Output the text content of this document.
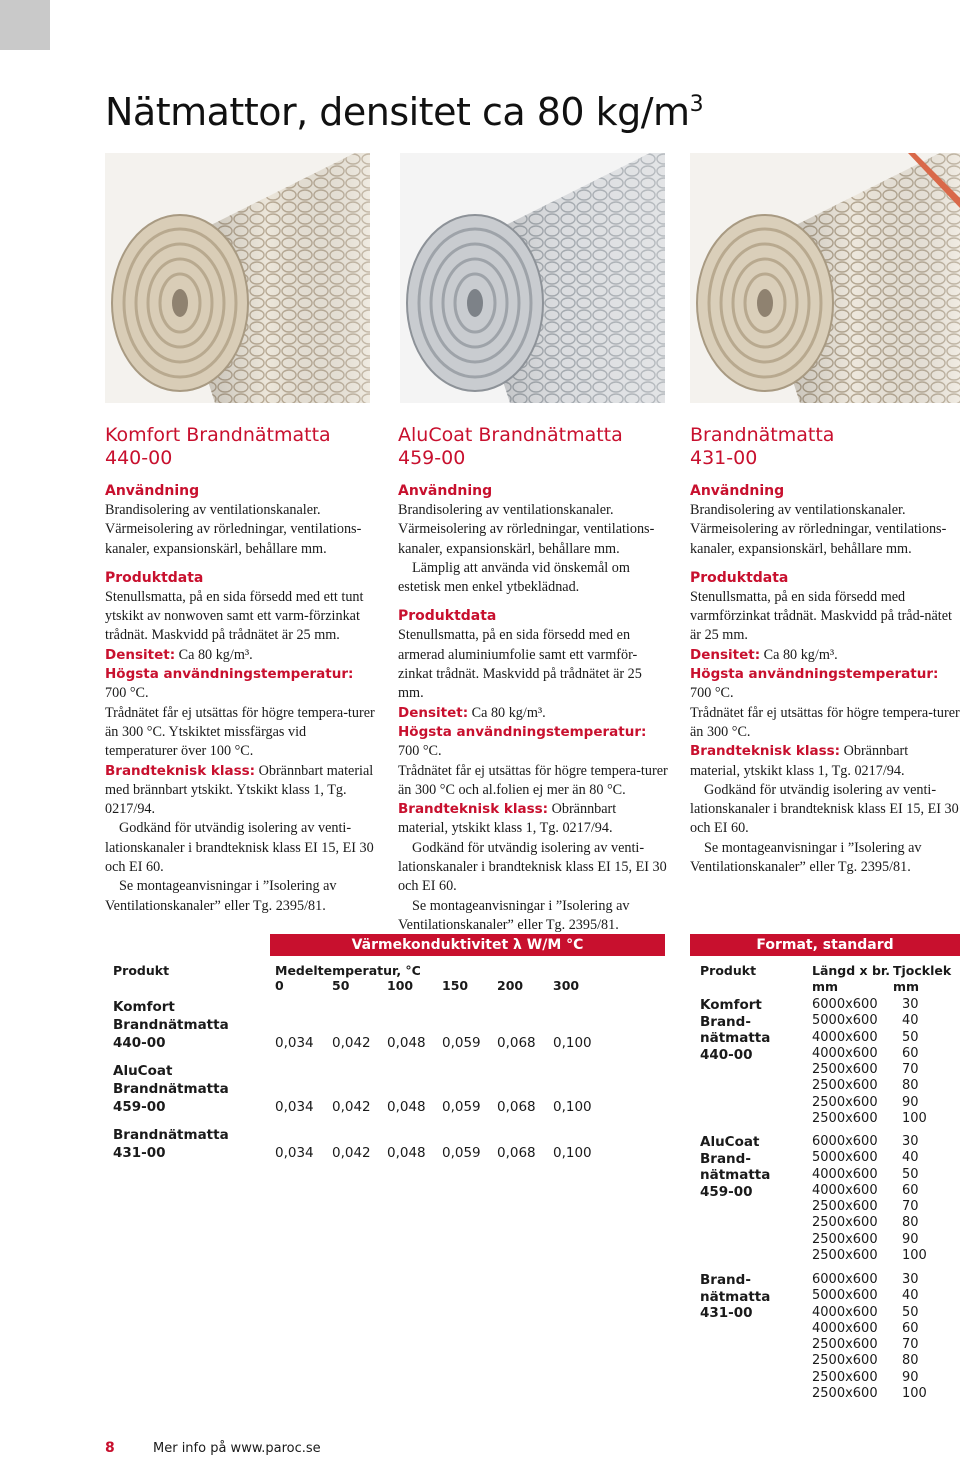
Nätmattor, densitet ca 80 $kg/m^3$
Komfort Brandnätmatta
440-00

Användning

Brandisolering av ventilationskanaler. Värmeisolering av rörledningar, ventilations-kanaler, expansionskärl, behållare mm.

Produktdata

Stenullsmatta, på en sida försedd med ett tunt ytskikt av nonwoven samt ett varm-förzinkat trådnät. Maskvidd på trådnätet är 25 mm.

Densitet: Ca 80 kg/m³.

Högsta användningstemperatur: 700 °C.

Trådnätet får ej utsättas för högre tempera-turer än 300 °C. Ytskiktet missfärgas vid temperaturer över 100 °C.

Brandteknisk klass: Obrännbart material med brännbart ytskikt. Ytskikt klass 1, Tg. 0217/94.

Godkänd för utvändig isolering av venti-lationskanaler i brandteknisk klass EI 15, EI 30 och EI 60.

Se montageanvisningar i ”Isolering av Ventilationskanaler” eller Tg. 2395/81.

AluCoat Brandnätmatta
459-00

Användning

Brandisolering av ventilationskanaler. Värmeisolering av rörledningar, ventilations-kanaler, expansionskärl, behållare mm.

Lämplig att använda vid önskemål om estetisk men enkel ytbeklädnad.

Produktdata

Stenullsmatta, på en sida försedd med en armerad aluminiumfolie samt ett varmför-zinkat trådnät. Maskvidd på trådnätet är 25 mm.

Densitet: Ca 80 kg/m³.

Högsta användningstemperatur: 700 °C.

Trådnätet får ej utsättas för högre tempera-turer än 300 °C och al.folien ej mer än 80 °C.

Brandteknisk klass: Obrännbart material, ytskikt klass 1, Tg. 0217/94.

Godkänd för utvändig isolering av venti-lationskanaler i brandteknisk klass EI 15, EI 30 och EI 60.

Se montageanvisningar i ”Isolering av Ventilationskanaler” eller Tg. 2395/81.

Brandnätmatta
431-00

Användning

Brandisolering av ventilationskanaler. Värmeisolering av rörledningar, ventilations-kanaler, expansionskärl, behållare mm.

Produktdata

Stenullsmatta, på en sida försedd med varmförzinkat trådnät. Maskvidd på tråd-nätet är 25 mm.

Densitet: Ca 80 kg/m³.

Högsta användningstemperatur: 700 °C.

Trådnätet får ej utsättas för högre tempera-turer än 300 °C.

Brandteknisk klass: Obrännbart material, ytskikt klass 1, Tg. 0217/94.

Godkänd för utvändig isolering av venti-lationskanaler i brandteknisk klass EI 15, EI 30 och EI 60.

Se montageanvisningar i ”Isolering av Ventilationskanaler” eller Tg. 2395/81.

Värmekonduktivitet λ W/M °C
Produkt	Medeltemperatur, °C
0	50	100 150 200 300
Komfort
Brandnätmatta
440-00	0,034 0,042 0,048 0,059 0,068 0,100
AluCoat
Brandnätmatta
459-00	0,034 0,042 0,048 0,059 0,068 0,100
Brandnätmatta
431-00	0,034 0,042 0,048 0,059 0,068 0,100
Format, standard
Produkt	Längd x br.
mm
Tjocklek
mm
Komfort
Brand-
nätmatta
440-00
6000x600 30
5000x600 40
4000x600 50
4000x600 60
2500x600 70
2500x600 80
2500x600 90
2500x600 100
AluCoat
Brand-
nätmatta
459-00
6000x600 30
5000x600 40
4000x600 50
4000x600 60
2500x600 70
2500x600 80
2500x600 90
2500x600 100
Brand-
nätmatta
431-00
6000x600 30
5000x600 40
4000x600 50
4000x600 60
2500x600 70
2500x600 80
2500x600 90
2500x600 100
8	Mer info på www.paroc.se
